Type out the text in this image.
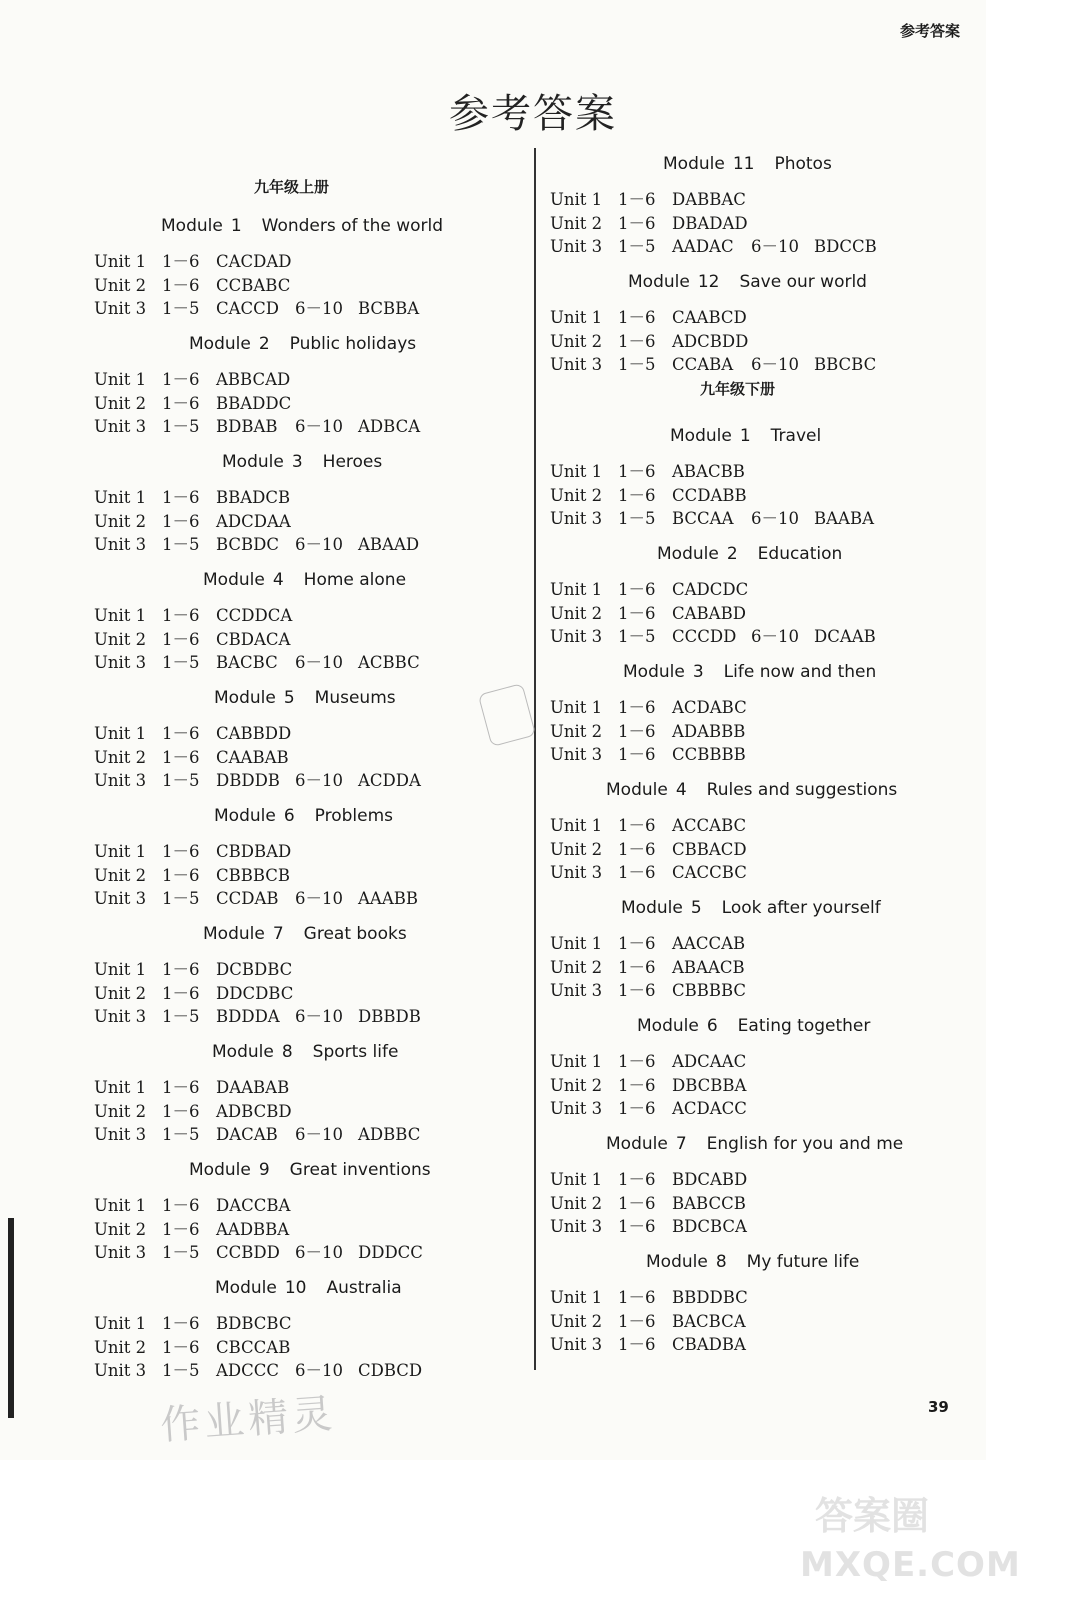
参考答案
参考答案
九年级上册
Module 1 Wonders of the world
Unit 1 1－6 CACDAD
Unit 2 1－6 CCBABC
Unit 3 1－5 CACCD 6－10 BCBBA
Module 2 Public holidays
Unit 1 1－6 ABBCAD
Unit 2 1－6 BBADDC
Unit 3 1－5 BDBAB 6－10 ADBCA
Module 3 Heroes
Unit 1 1－6 BBADCB
Unit 2 1－6 ADCDAA
Unit 3 1－5 BCBDC 6－10 ABAAD
Module 4 Home alone
Unit 1 1－6 CCDDCA
Unit 2 1－6 CBDACA
Unit 3 1－5 BACBC 6－10 ACBBC
Module 5 Museums
Unit 1 1－6 CABBDD
Unit 2 1－6 CAABAB
Unit 3 1－5 DBDDB 6－10 ACDDA
Module 6 Problems
Unit 1 1－6 CBDBAD
Unit 2 1－6 CBBBCB
Unit 3 1－5 CCDAB 6－10 AAABB
Module 7 Great books
Unit 1 1－6 DCBDBC
Unit 2 1－6 DDCDBC
Unit 3 1－5 BDDDA 6－10 DBBDB
Module 8 Sports life
Unit 1 1－6 DAABAB
Unit 2 1－6 ADBCBD
Unit 3 1－5 DACAB 6－10 ADBBC
Module 9 Great inventions
Unit 1 1－6 DACCBA
Unit 2 1－6 AADBBA
Unit 3 1－5 CCBDD 6－10 DDDCC
Module 10 Australia
Unit 1 1－6 BDBCBC
Unit 2 1－6 CBCCAB
Unit 3 1－5 ADCCC 6－10 CDBCD
Module 11 Photos
Unit 1 1－6 DABBAC
Unit 2 1－6 DBADAD
Unit 3 1－5 AADAC 6－10 BDCCB
Module 12 Save our world
Unit 1 1－6 CAABCD
Unit 2 1－6 ADCBDD
Unit 3 1－5 CCABA 6－10 BBCBC
九年级下册
Module 1 Travel
Unit 1 1－6 ABACBB
Unit 2 1－6 CCDABB
Unit 3 1－5 BCCAA 6－10 BAABA
Module 2 Education
Unit 1 1－6 CADCDC
Unit 2 1－6 CABABD
Unit 3 1－5 CCCDD 6－10 DCAAB
Module 3 Life now and then
Unit 1 1－6 ACDABC
Unit 2 1－6 ADABBB
Unit 3 1－6 CCBBBB
Module 4 Rules and suggestions
Unit 1 1－6 ACCABC
Unit 2 1－6 CBBACD
Unit 3 1－6 CACCBC
Module 5 Look after yourself
Unit 1 1－6 AACCAB
Unit 2 1－6 ABAACB
Unit 3 1－6 CBBBBC
Module 6 Eating together
Unit 1 1－6 ADCAAC
Unit 2 1－6 DBCBBA
Unit 3 1－6 ACDACC
Module 7 English for you and me
Unit 1 1－6 BDCABD
Unit 2 1－6 BABCCB
Unit 3 1－6 BDCBCA
Module 8 My future life
Unit 1 1－6 BBDDBC
Unit 2 1－6 BACBCA
Unit 3 1－6 CBADBA
39
作业精灵
答案圈
MXQE.COM
